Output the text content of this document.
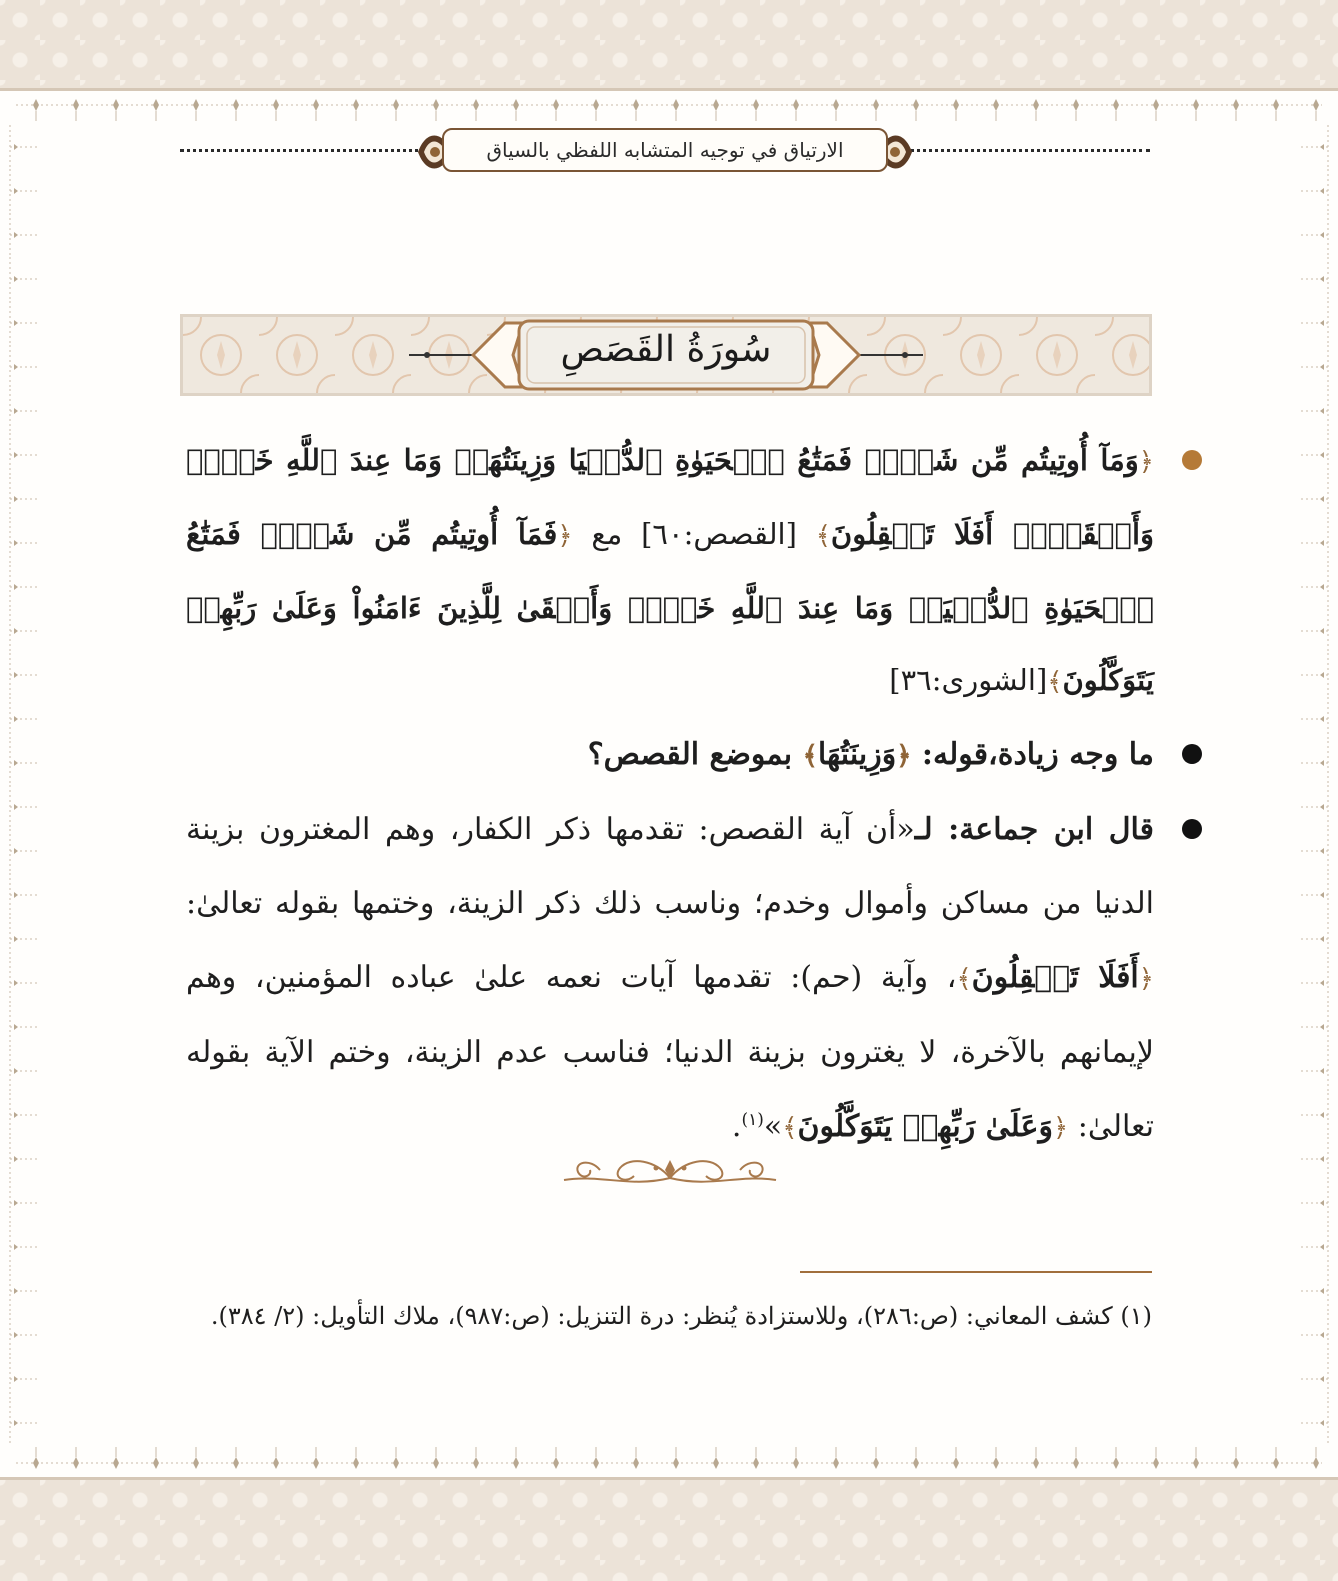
الارتياق في توجيه المتشابه اللفظي بالسياق
سُورَةُ القَصَصِ

﴿وَمَآ أُوتِيتُم مِّن شَيۡءٖ فَمَتَٰعُ ٱلۡحَيَوٰةِ ٱلدُّنۡيَا وَزِينَتُهَاۚ وَمَا عِندَ ٱللَّهِ خَيۡرٞ وَأَبۡقَىٰٓۚ أَفَلَا تَعۡقِلُونَ﴾ [القصص:٦٠] مع ﴿فَمَآ أُوتِيتُم مِّن شَيۡءٖ فَمَتَٰعُ ٱلۡحَيَوٰةِ ٱلدُّنۡيَاۖ وَمَا عِندَ ٱللَّهِ خَيۡرٞ وَأَبۡقَىٰ لِلَّذِينَ ءَامَنُواْ وَعَلَىٰ رَبِّهِمۡ يَتَوَكَّلُونَ﴾[الشورى:٣٦]

ما وجه زيادة،قوله: ﴿وَزِينَتُهَا﴾ بموضع القصص؟

قال ابن جماعة: لـ«أن آية القصص: تقدمها ذكر الكفار، وهم المغترون بزينة الدنيا من مساكن وأموال وخدم؛ وناسب ذلك ذكر الزينة، وختمها بقوله تعالىٰ: ﴿أَفَلَا تَعۡقِلُونَ﴾، وآية (حم): تقدمها آيات نعمه علىٰ عباده المؤمنين، وهم لإيمانهم بالآخرة، لا يغترون بزينة الدنيا؛ فناسب عدم الزينة، وختم الآية بقوله تعالىٰ: ﴿وَعَلَىٰ رَبِّهِمۡ يَتَوَكَّلُونَ﴾»$^{(١)}$.

(١) كشف المعاني: (ص:٢٨٦)، وللاستزادة يُنظر: درة التنزيل: (ص:٩٨٧)، ملاك التأويل: (٢/ ٣٨٤).
